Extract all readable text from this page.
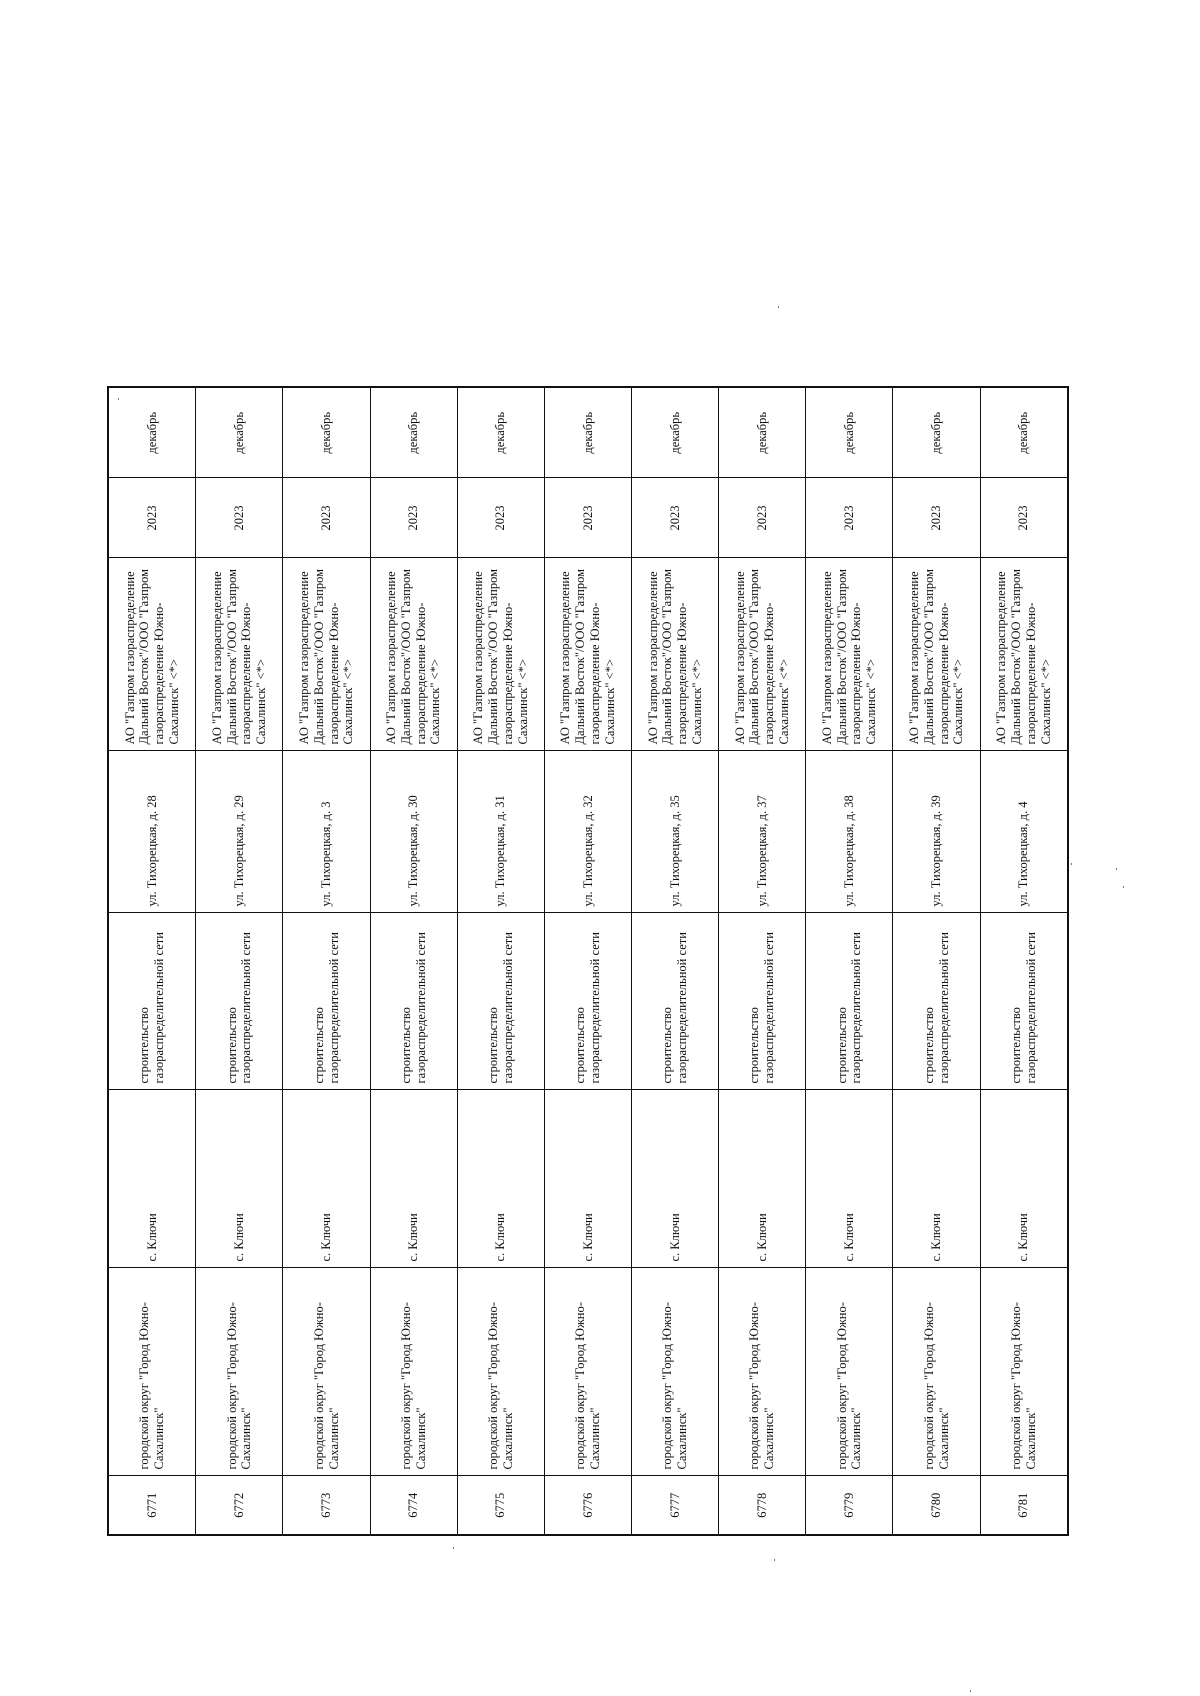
6771	городской округ "Город Южно-Сахалинск"	с. Ключи	строительство газораспределительной сети	ул. Тихорецкая, д. 28	АО "Газпром газораспределение Дальний Восток"/ООО "Газпром газораспределение Южно-Сахалинск" <*>	2023	декабрь
6772	городской округ "Город Южно-Сахалинск"	с. Ключи	строительство газораспределительной сети	ул. Тихорецкая, д. 29	АО "Газпром газораспределение Дальний Восток"/ООО "Газпром газораспределение Южно-Сахалинск" <*>	2023	декабрь
6773	городской округ "Город Южно-Сахалинск"	с. Ключи	строительство газораспределительной сети	ул. Тихорецкая, д. 3	АО "Газпром газораспределение Дальний Восток"/ООО "Газпром газораспределение Южно-Сахалинск" <*>	2023	декабрь
6774	городской округ "Город Южно-Сахалинск"	с. Ключи	строительство газораспределительной сети	ул. Тихорецкая, д. 30	АО "Газпром газораспределение Дальний Восток"/ООО "Газпром газораспределение Южно-Сахалинск" <*>	2023	декабрь
6775	городской округ "Город Южно-Сахалинск"	с. Ключи	строительство газораспределительной сети	ул. Тихорецкая, д. 31	АО "Газпром газораспределение Дальний Восток"/ООО "Газпром газораспределение Южно-Сахалинск" <*>	2023	декабрь
6776	городской округ "Город Южно-Сахалинск"	с. Ключи	строительство газораспределительной сети	ул. Тихорецкая, д. 32	АО "Газпром газораспределение Дальний Восток"/ООО "Газпром газораспределение Южно-Сахалинск" <*>	2023	декабрь
6777	городской округ "Город Южно-Сахалинск"	с. Ключи	строительство газораспределительной сети	ул. Тихорецкая, д. 35	АО "Газпром газораспределение Дальний Восток"/ООО "Газпром газораспределение Южно-Сахалинск" <*>	2023	декабрь
6778	городской округ "Город Южно-Сахалинск"	с. Ключи	строительство газораспределительной сети	ул. Тихорецкая, д. 37	АО "Газпром газораспределение Дальний Восток"/ООО "Газпром газораспределение Южно-Сахалинск" <*>	2023	декабрь
6779	городской округ "Город Южно-Сахалинск"	с. Ключи	строительство газораспределительной сети	ул. Тихорецкая, д. 38	АО "Газпром газораспределение Дальний Восток"/ООО "Газпром газораспределение Южно-Сахалинск" <*>	2023	декабрь
6780	городской округ "Город Южно-Сахалинск"	с. Ключи	строительство газораспределительной сети	ул. Тихорецкая, д. 39	АО "Газпром газораспределение Дальний Восток"/ООО "Газпром газораспределение Южно-Сахалинск" <*>	2023	декабрь
6781	городской округ "Город Южно-Сахалинск"	с. Ключи	строительство газораспределительной сети	ул. Тихорецкая, д. 4	АО "Газпром газораспределение Дальний Восток"/ООО "Газпром газораспределение Южно-Сахалинск" <*>	2023	декабрь
